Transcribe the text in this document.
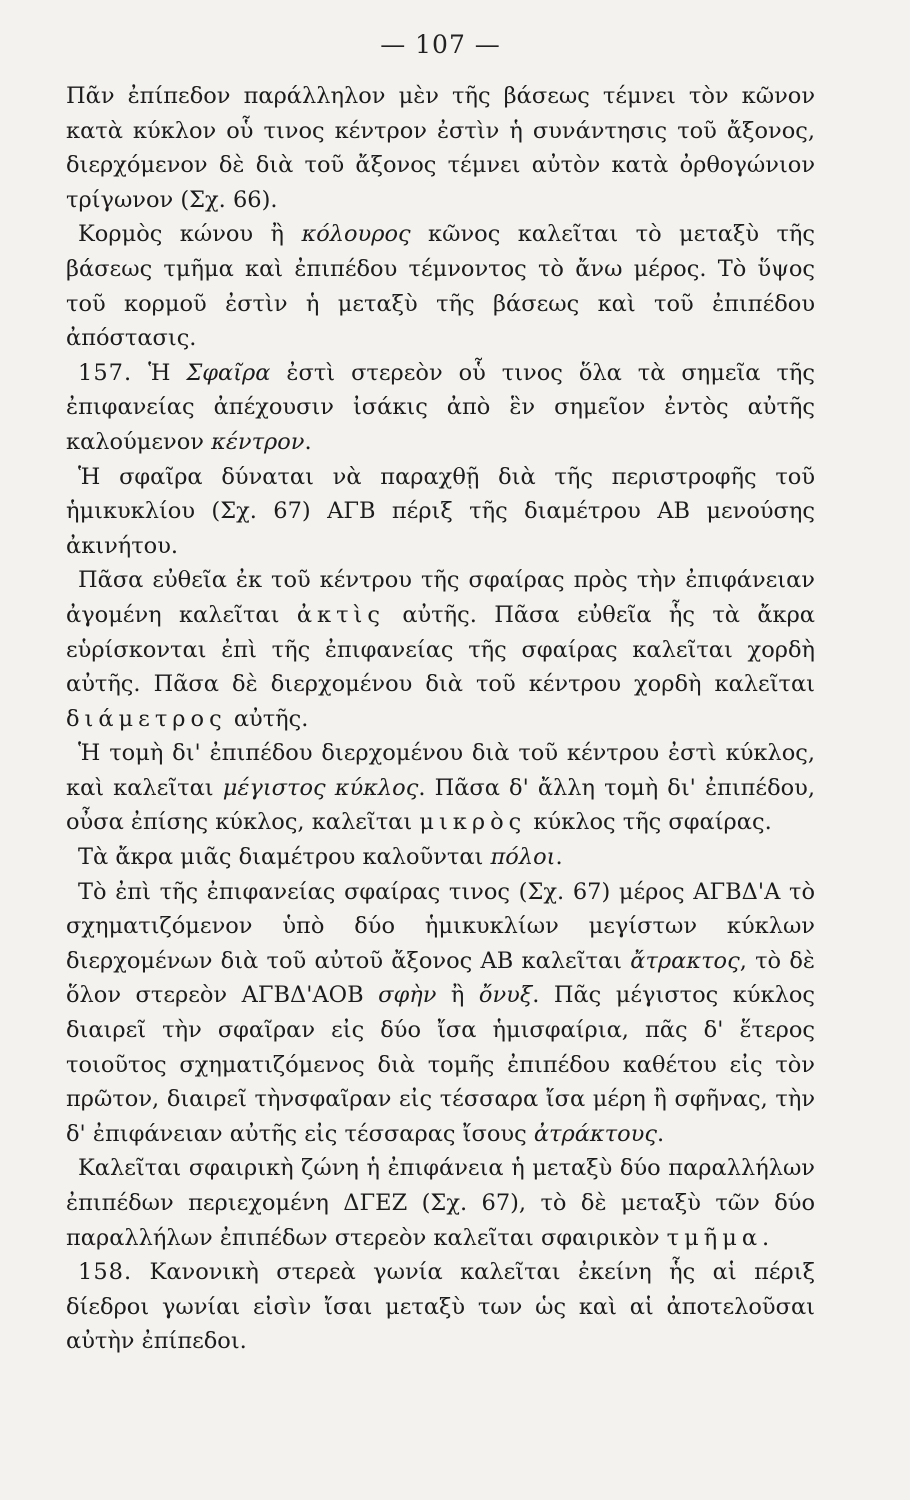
— 107 —

Πᾶν ἐπίπεδον παράλληλον μὲν τῆς βάσεως τέμνει τὸν κῶνον κατὰ κύκλον οὗ τινος κέντρον ἐστὶν ἡ συνάντησις τοῦ ἄξονος, διερχόμενον δὲ διὰ τοῦ ἄξονος τέμνει αὐτὸν κατὰ ὀρθογώνιον τρίγωνον (Σχ. 66).

Κορμὸς κώνου ἢ κόλουρος κῶνος καλεῖται τὸ μεταξὺ τῆς βάσεως τμῆμα καὶ ἐπιπέδου τέμνοντος τὸ ἄνω μέρος. Τὸ ὕψος τοῦ κορμοῦ ἐστὶν ἡ μεταξὺ τῆς βάσεως καὶ τοῦ ἐπιπέδου ἀπόστασις.

157. Ἡ Σφαῖρα ἐστὶ στερεὸν οὗ τινος ὅλα τὰ σημεῖα τῆς ἐπιφανείας ἀπέχουσιν ἰσάκις ἀπὸ ἓν σημεῖον ἐντὸς αὐτῆς καλούμενον κέντρον.

Ἡ σφαῖρα δύναται νὰ παραχθῇ διὰ τῆς περιστροφῆς τοῦ ἡμικυκλίου (Σχ. 67) ΑΓΒ πέριξ τῆς διαμέτρου ΑΒ μενούσης ἀκινήτου.

Πᾶσα εὐθεῖα ἐκ τοῦ κέντρου τῆς σφαίρας πρὸς τὴν ἐπιφάνειαν ἀγομένη καλεῖται ἀκτὶς αὐτῆς. Πᾶσα εὐθεῖα ἧς τὰ ἄκρα εὑρίσκονται ἐπὶ τῆς ἐπιφανείας τῆς σφαίρας καλεῖται χορδὴ αὐτῆς. Πᾶσα δὲ διερχομένου διὰ τοῦ κέντρου χορδὴ καλεῖται διάμετρος αὐτῆς.

Ἡ τομὴ δι' ἐπιπέδου διερχομένου διὰ τοῦ κέντρου ἐστὶ κύκλος, καὶ καλεῖται μέγιστος κύκλος. Πᾶσα δ' ἄλλη τομὴ δι' ἐπιπέδου, οὖσα ἐπίσης κύκλος, καλεῖται μικρὸς κύκλος τῆς σφαίρας.

Τὰ ἄκρα μιᾶς διαμέτρου καλοῦνται πόλοι.

Τὸ ἐπὶ τῆς ἐπιφανείας σφαίρας τινος (Σχ. 67) μέρος ΑΓΒΔ'Α τὸ σχηματιζόμενον ὑπὸ δύο ἡμικυκλίων μεγίστων κύκλων διερχομένων διὰ τοῦ αὐτοῦ ἄξονος ΑΒ καλεῖται ἄτρακτος, τὸ δὲ ὅλον στερεὸν ΑΓΒΔ'ΑΟΒ σφὴν ἢ ὄνυξ. Πᾶς μέγιστος κύκλος διαιρεῖ τὴν σφαῖραν εἰς δύο ἴσα ἡμισφαίρια, πᾶς δ' ἕτερος τοιοῦτος σχηματιζόμενος διὰ τομῆς ἐπιπέδου καθέτου εἰς τὸν πρῶτον, διαιρεῖ τὴνσφαῖραν εἰς τέσσαρα ἴσα μέρη ἢ σφῆνας, τὴν δ' ἐπιφάνειαν αὐτῆς εἰς τέσσαρας ἴσους ἀτράκτους.

Καλεῖται σφαιρικὴ ζώνη ἡ ἐπιφάνεια ἡ μεταξὺ δύο παραλλήλων ἐπιπέδων περιεχομένη ΔΓΕΖ (Σχ. 67), τὸ δὲ μεταξὺ τῶν δύο παραλλήλων ἐπιπέδων στερεὸν καλεῖται σφαιρικὸν τμῆμα.

158. Κανονικὴ στερεὰ γωνία καλεῖται ἐκείνη ἧς αἱ πέριξ δίεδροι γωνίαι εἰσὶν ἴσαι μεταξὺ των ὡς καὶ αἱ ἀποτελοῦσαι αὐτὴν ἐπίπεδοι.
